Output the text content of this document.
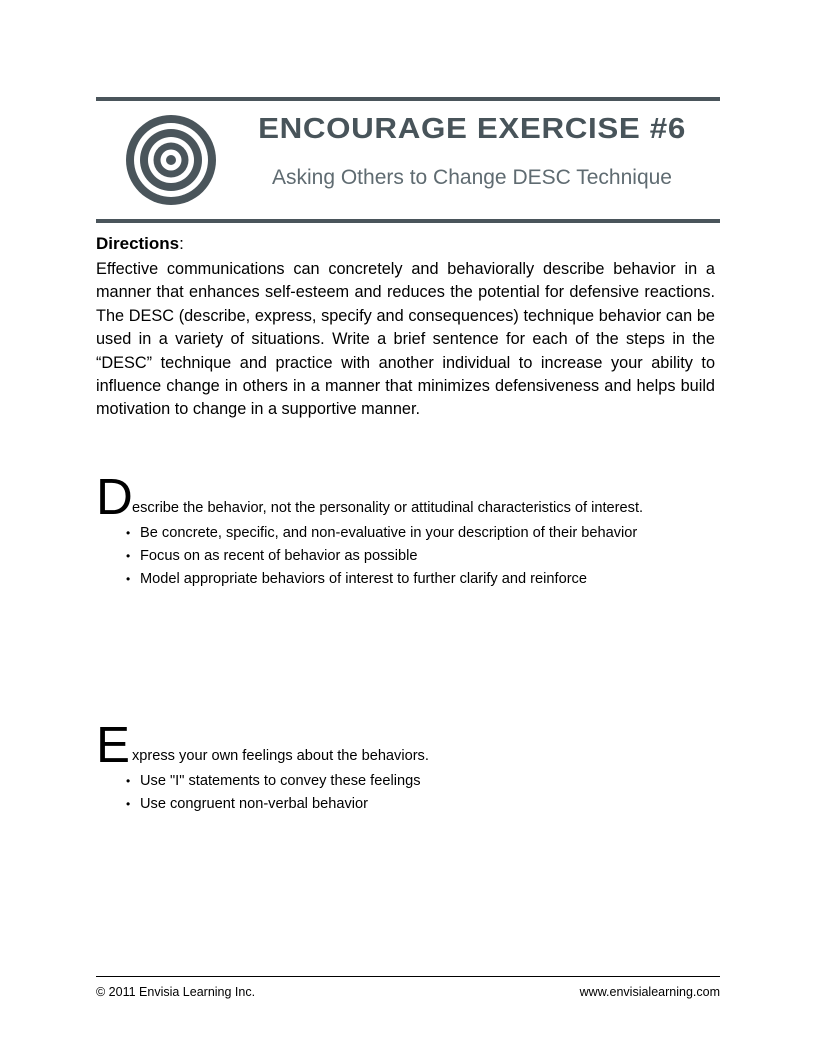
ENCOURAGE EXERCISE #6
Asking Others to Change DESC Technique
Directions:
Effective communications can concretely and behaviorally describe behavior in a manner that enhances self-esteem and reduces the potential for defensive reactions. The DESC (describe, express, specify and consequences) technique behavior can be used in a variety of situations. Write a brief sentence for each of the steps in the “DESC” technique and practice with another individual to increase your ability to influence change in others in a manner that minimizes defensiveness and helps build motivation to change in a supportive manner.
D escribe the behavior, not the personality or attitudinal characteristics of interest.
• Be concrete, specific, and non-evaluative in your description of their behavior
• Focus on as recent of behavior as possible
• Model appropriate behaviors of interest to further clarify and reinforce
E xpress your own feelings about the behaviors.
• Use "I" statements to convey these feelings
• Use congruent non-verbal behavior
© 2011 Envisia Learning Inc.	www.envisialearning.com
